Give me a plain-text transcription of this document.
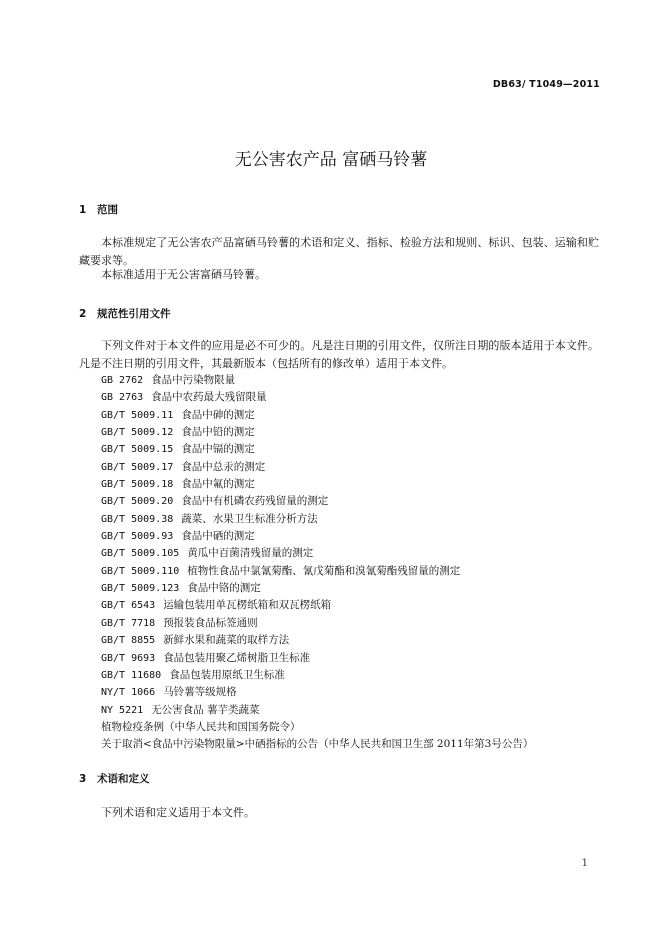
DB63/ T1049—2011
无公害农产品 富硒马铃薯
1 范围
本标准规定了无公害农产品富硒马铃薯的术语和定义、指标、检验方法和规则、标识、包装、运输和贮藏要求等。
本标准适用于无公害富硒马铃薯。
2 规范性引用文件
下列文件对于本文件的应用是必不可少的。凡是注日期的引用文件，仅所注日期的版本适用于本文件。凡是不注日期的引用文件，其最新版本（包括所有的修改单）适用于本文件。
GB 2762 食品中污染物限量
GB 2763 食品中农药最大残留限量
GB/T 5009.11 食品中砷的测定
GB/T 5009.12 食品中铅的测定
GB/T 5009.15 食品中镉的测定
GB/T 5009.17 食品中总汞的测定
GB/T 5009.18 食品中氟的测定
GB/T 5009.20 食品中有机磷农药残留量的测定
GB/T 5009.38 蔬菜、水果卫生标准分析方法
GB/T 5009.93 食品中硒的测定
GB/T 5009.105 黄瓜中百菌清残留量的测定
GB/T 5009.110 植物性食品中氯氰菊酯、氰戊菊酯和溴氰菊酯残留量的测定
GB/T 5009.123 食品中铬的测定
GB/T 6543 运输包装用单瓦楞纸箱和双瓦楞纸箱
GB/T 7718 预报装食品标签通则
GB/T 8855 新鲜水果和蔬菜的取样方法
GB/T 9693 食品包装用聚乙烯树脂卫生标准
GB/T 11680 食品包装用原纸卫生标准
NY/T 1066 马铃薯等级规格
NY 5221 无公害食品 薯芋类蔬菜
植物检疫条例（中华人民共和国国务院令）
关于取消<食品中污染物限量>中硒指标的公告（中华人民共和国卫生部 2011年第3号公告）
3 术语和定义
下列术语和定义适用于本文件。
1
